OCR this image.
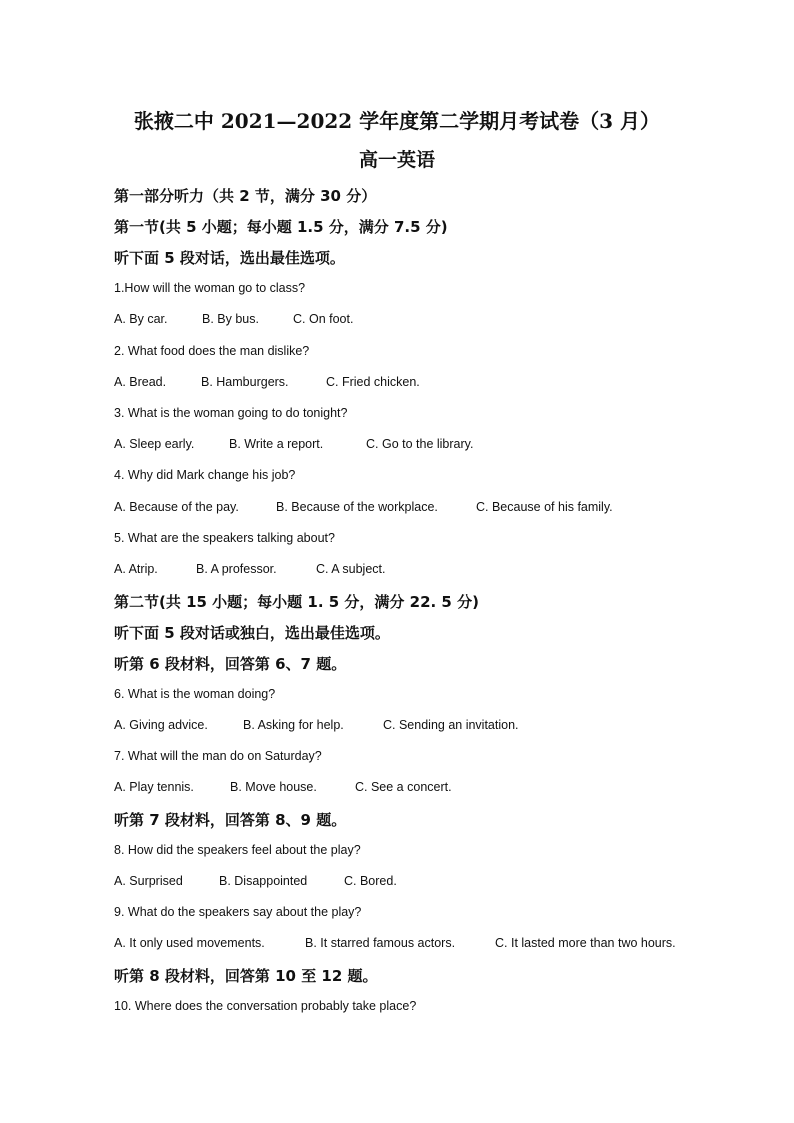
张掖二中 2021—2022 学年度第二学期月考试卷（3 月）
高一英语
第一部分听力（共 2 节，满分 30 分）
第一节(共 5 小题；每小题 1.5 分，满分 7.5 分)
听下面 5 段对话，选出最佳选项。
1.How will the woman go to class?
A. By car.	B. By bus.	C. On foot.
2. What food does the man dislike?
A. Bread.	B. Hamburgers.	C. Fried chicken.
3. What is the woman going to do tonight?
A. Sleep early.	B. Write a report.	C. Go to the library.
4. Why did Mark change his job?
A. Because of the pay.	B. Because of the workplace.	C. Because of his family.
5. What are the speakers talking about?
A. Atrip.	B. A professor.	C. A subject.
第二节(共 15 小题；每小题 1. 5 分，满分 22. 5 分)
听下面 5 段对话或独白，选出最佳选项。
听第 6 段材料，回答第 6、7 题。
6. What is the woman doing?
A. Giving advice.	B. Asking for help.	C. Sending an invitation.
7. What will the man do on Saturday?
A. Play tennis.	B. Move house.	C. See a concert.
听第 7 段材料，回答第 8、9 题。
8. How did the speakers feel about the play?
A. Surprised	B. Disappointed	C. Bored.
9. What do the speakers say about the play?
A. It only used movements.	B. It starred famous actors.	C. It lasted more than two hours.
听第 8 段材料，回答第 10 至 12 题。
10. Where does the conversation probably take place?
